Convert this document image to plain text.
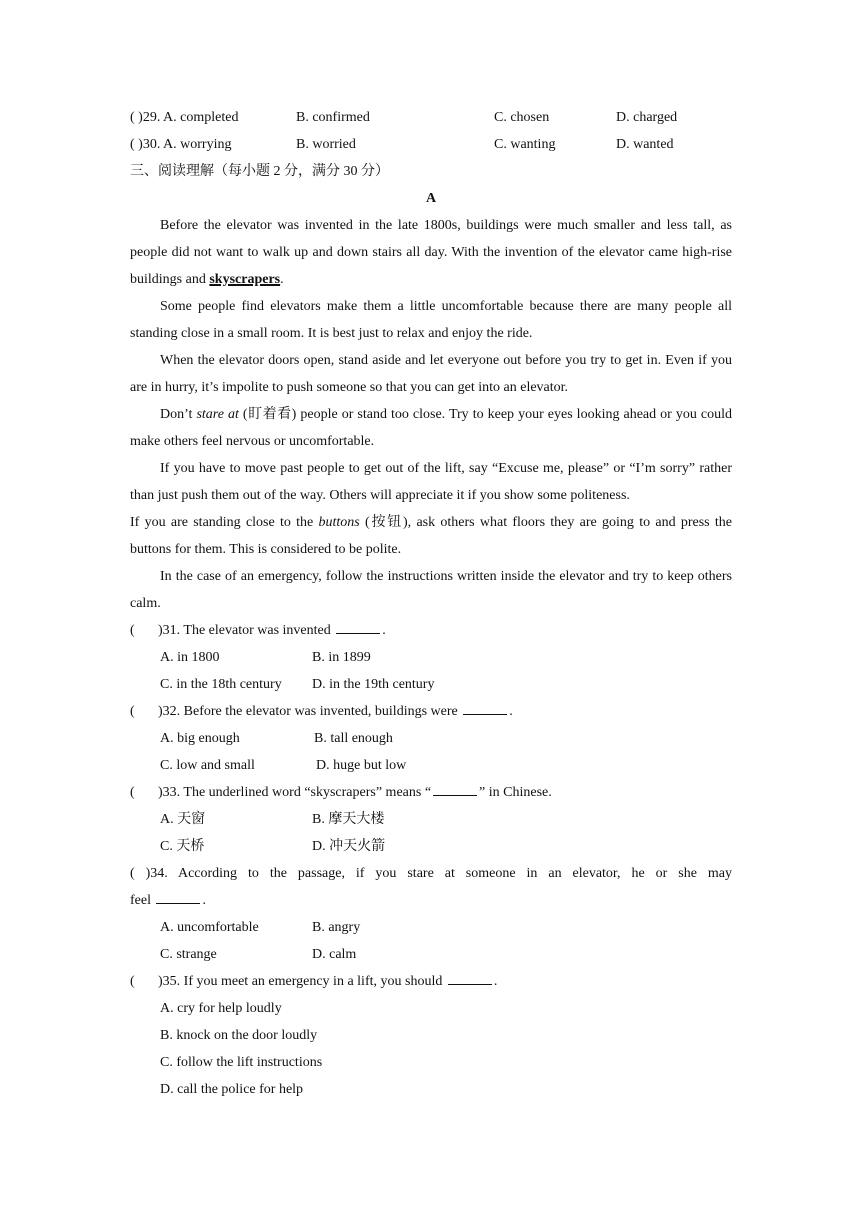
( )29. A. completed	B. confirmed	C. chosen	D. charged
( )30. A. worrying	B. worried	C. wanting	D. wanted
三、阅读理解（每小题 2 分，满分 30 分）
A

Before the elevator was invented in the late 1800s, buildings were much smaller and less tall, as people did not want to walk up and down stairs all day. With the invention of the elevator came high-rise buildings and skyscrapers.

Some people find elevators make them a little uncomfortable because there are many people all standing close in a small room. It is best just to relax and enjoy the ride.

When the elevator doors open, stand aside and let everyone out before you try to get in. Even if you are in hurry, it’s impolite to push someone so that you can get into an elevator.

Don’t stare at (盯着看) people or stand too close. Try to keep your eyes looking ahead or you could make others feel nervous or uncomfortable.

If you have to move past people to get out of the lift, say “Excuse me, please” or “I’m sorry” rather than just push them out of the way. Others will appreciate it if you show some politeness.

If you are standing close to the buttons (按钮), ask others what floors they are going to and press the buttons for them. This is considered to be polite.

In the case of an emergency, follow the instructions written inside the elevator and try to keep others calm.

( )31. The elevator was invented	.
A. in 1800	B. in 1899
C. in the 18th century D. in the 19th century
( )32. Before the elevator was invented, buildings were	.
A. big enough	B. tall enough
C. low and small	D. huge but low
( )33. The underlined word “skyscrapers” means “	” in Chinese.
A. 天窗	B. 摩天大楼
C. 天桥	D. 冲天火箭
( )34. According to the passage, if you stare at someone in an elevator, he or she may
feel	.
A. uncomfortable	B. angry
C. strange	D. calm
( )35. If you meet an emergency in a lift, you should	.
A. cry for help loudly
B. knock on the door loudly
C. follow the lift instructions
D. call the police for help
